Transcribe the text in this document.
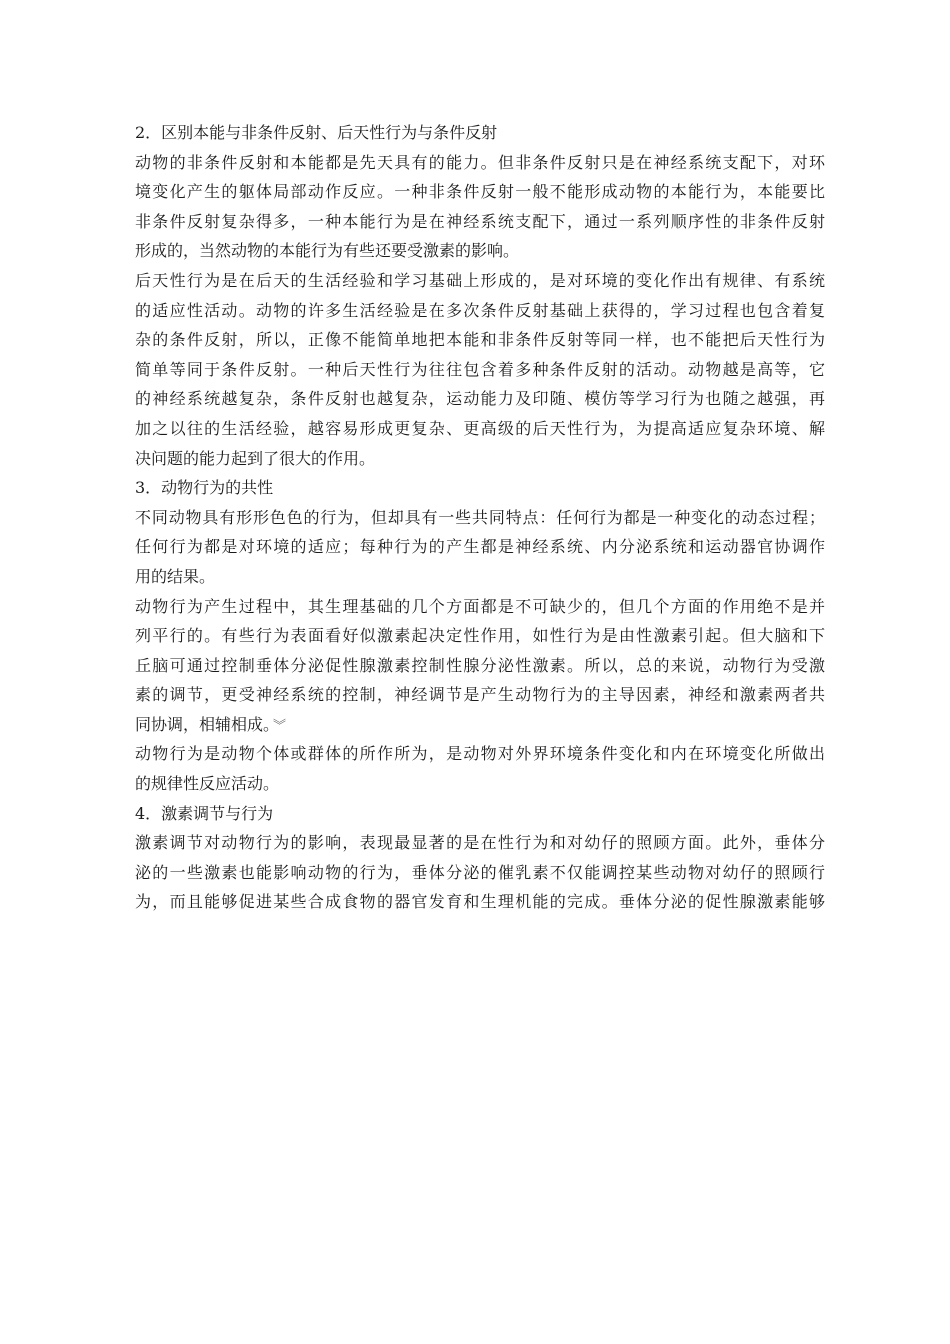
2．区别本能与非条件反射、后天性行为与条件反射
动物的非条件反射和本能都是先天具有的能力。但非条件反射只是在神经系统支配下，对环
境变化产生的躯体局部动作反应。一种非条件反射一般不能形成动物的本能行为，本能要比
非条件反射复杂得多，一种本能行为是在神经系统支配下，通过一系列顺序性的非条件反射
形成的，当然动物的本能行为有些还要受激素的影响。
后天性行为是在后天的生活经验和学习基础上形成的，是对环境的变化作出有规律、有系统
的适应性活动。动物的许多生活经验是在多次条件反射基础上获得的，学习过程也包含着复
杂的条件反射，所以，正像不能简单地把本能和非条件反射等同一样，也不能把后天性行为
简单等同于条件反射。一种后天性行为往往包含着多种条件反射的活动。动物越是高等，它
的神经系统越复杂，条件反射也越复杂，运动能力及印随、模仿等学习行为也随之越强，再
加之以往的生活经验，越容易形成更复杂、更高级的后天性行为，为提高适应复杂环境、解
决问题的能力起到了很大的作用。
3．动物行为的共性
不同动物具有形形色色的行为，但却具有一些共同特点：任何行为都是一种变化的动态过程；
任何行为都是对环境的适应；每种行为的产生都是神经系统、内分泌系统和运动器官协调作
用的结果。
动物行为产生过程中，其生理基础的几个方面都是不可缺少的，但几个方面的作用绝不是并
列平行的。有些行为表面看好似激素起决定性作用，如性行为是由性激素引起。但大脑和下
丘脑可通过控制垂体分泌促性腺激素控制性腺分泌性激素。所以，总的来说，动物行为受激
素的调节，更受神经系统的控制，神经调节是产生动物行为的主导因素，神经和激素两者共
同协调，相辅相成。 ︾
动物行为是动物个体或群体的所作所为，是动物对外界环境条件变化和内在环境变化所做出
的规律性反应活动。
4．激素调节与行为
激素调节对动物行为的影响，表现最显著的是在性行为和对幼仔的照顾方面。此外，垂体分
泌的一些激素也能影响动物的行为，垂体分泌的催乳素不仅能调控某些动物对幼仔的照顾行
为，而且能够促进某些合成食物的器官发育和生理机能的完成。垂体分泌的促性腺激素能够
